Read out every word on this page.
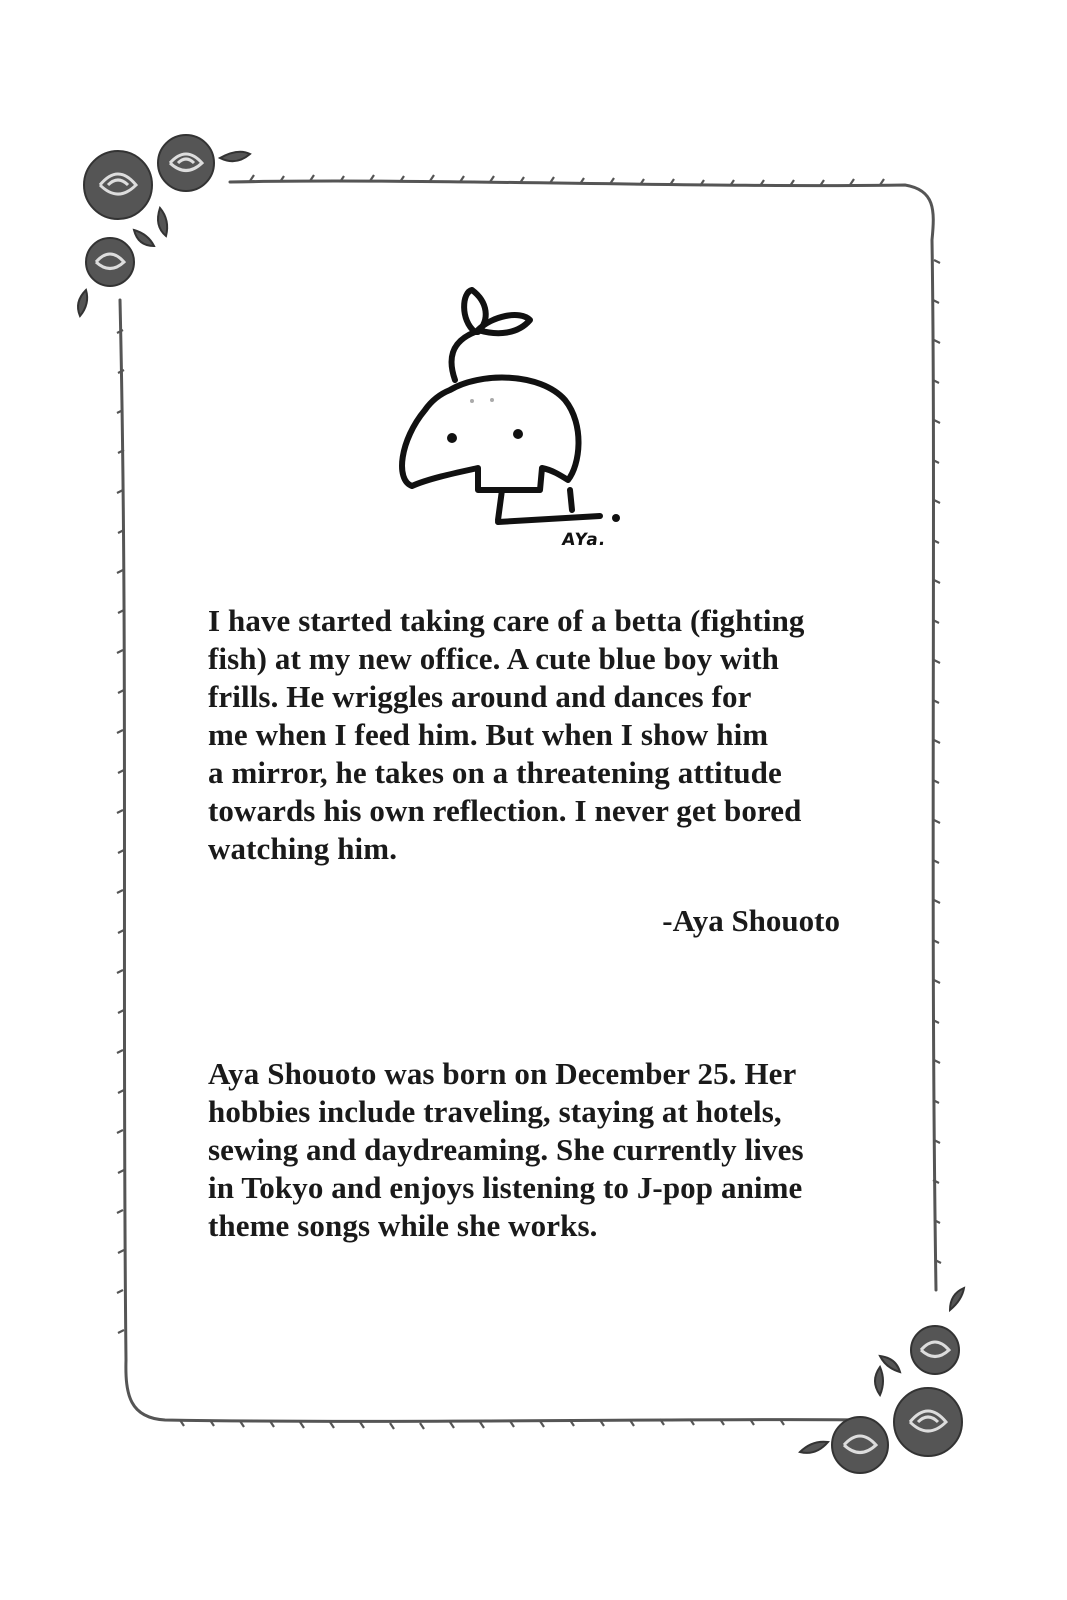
AYa.
I have started taking care of a betta (fighting
fish) at my new office. A cute blue boy with
frills. He wriggles around and dances for
me when I feed him. But when I show him
a mirror, he takes on a threatening attitude
towards his own reflection. I never get bored
watching him.
-Aya Shouoto
Aya Shouoto was born on December 25. Her
hobbies include traveling, staying at hotels,
sewing and daydreaming. She currently lives
in Tokyo and enjoys listening to J-pop anime
theme songs while she works.
